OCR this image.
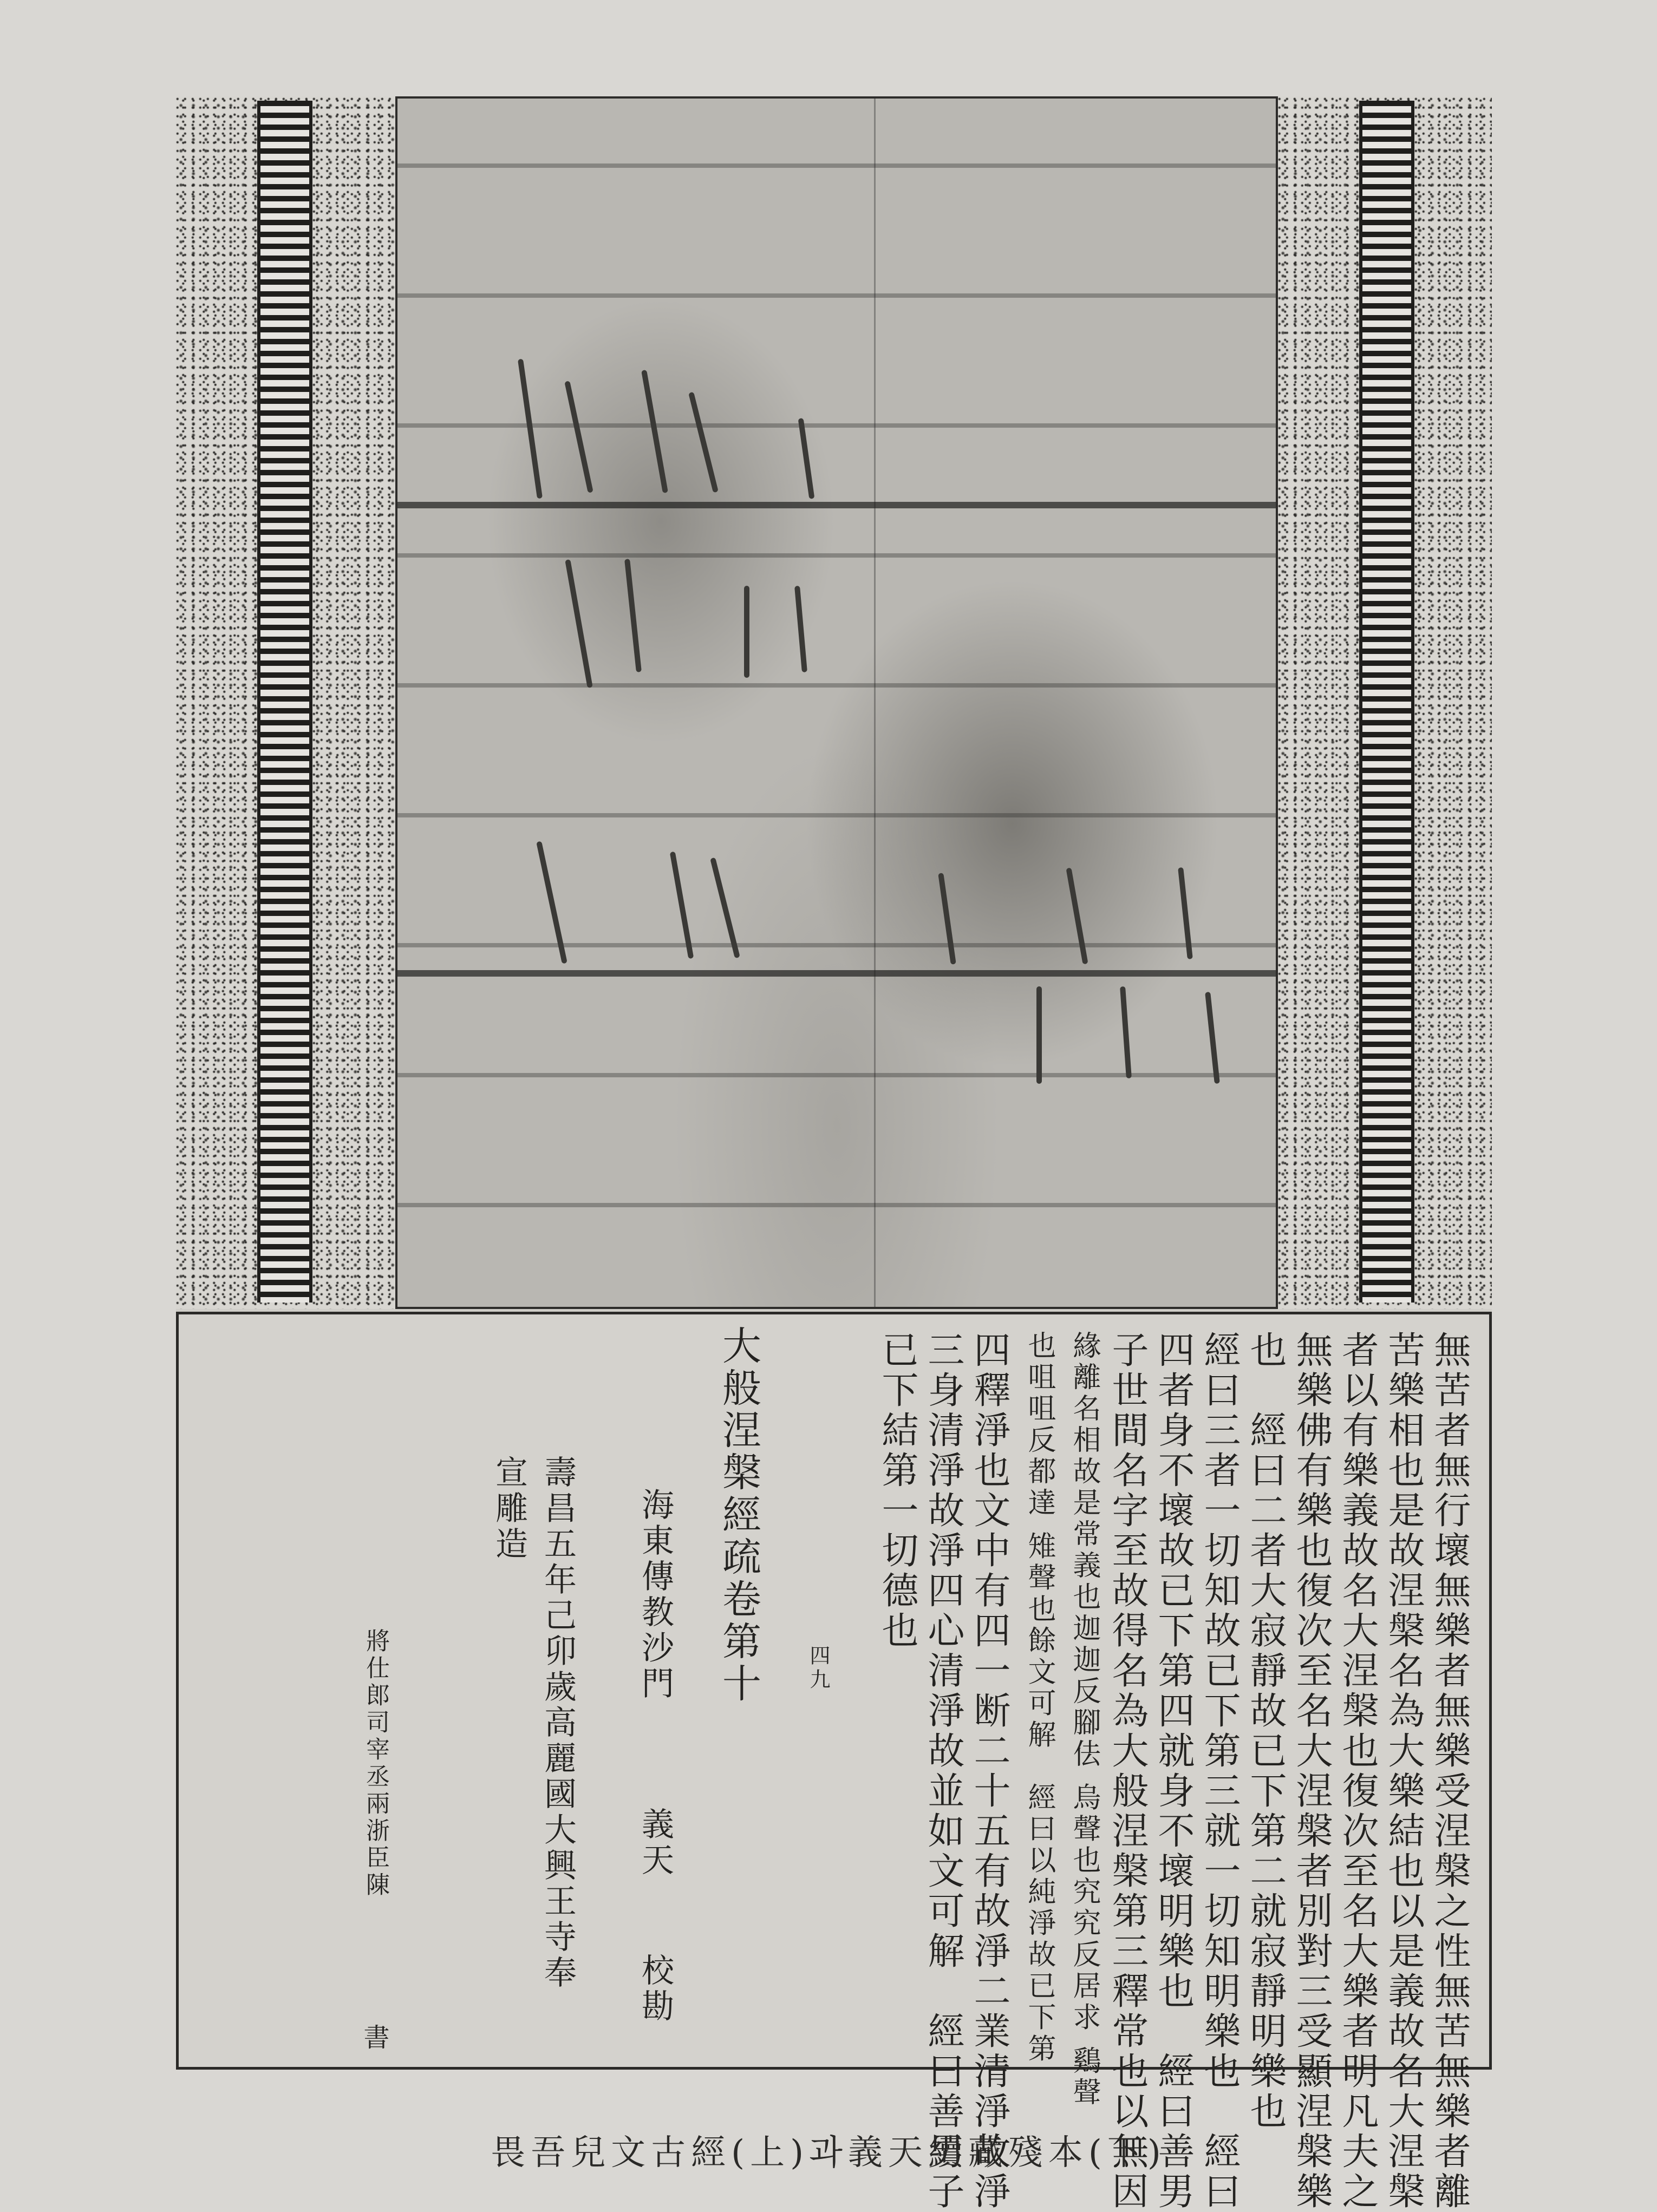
無苦者無行壞無樂者無樂受涅槃之性無苦無樂者離
苦樂相也是故涅槃名為大樂結也以是義故名大涅槃
者以有樂義故名大涅槃也復次至名大樂者明凡夫之
無樂佛有樂也復次至名大涅槃者別對三受顯涅槃樂
也　經曰二者大寂靜故已下第二就寂靜明樂也
經曰三者一切知故已下第三就一切知明樂也　經曰
四者身不壞故已下第四就身不壞明樂也　經曰善男
子世間名字至故得名為大般涅槃第三釋常也以無因
緣離名相故是常義也迦迦反腳佉 烏聲也究究反居求 鷄聲
也咀咀反都達 雉聲也餘文可解　經曰以純淨故已下第
四釋淨也文中有四一断二十五有故淨二業清淨故淨
三身清淨故淨四心清淨故並如文可解　經曰善男子
已下結第一切德也
大般涅槃經疏卷第十 四九
海東傳教沙門
義天
校勘
壽昌五年己卯歲高麗國大興王寺奉
宣雕造
將仕郎司宰丞兩浙臣陳
書
畏吾兒文古經(上)과義天續藏殘本(下)
